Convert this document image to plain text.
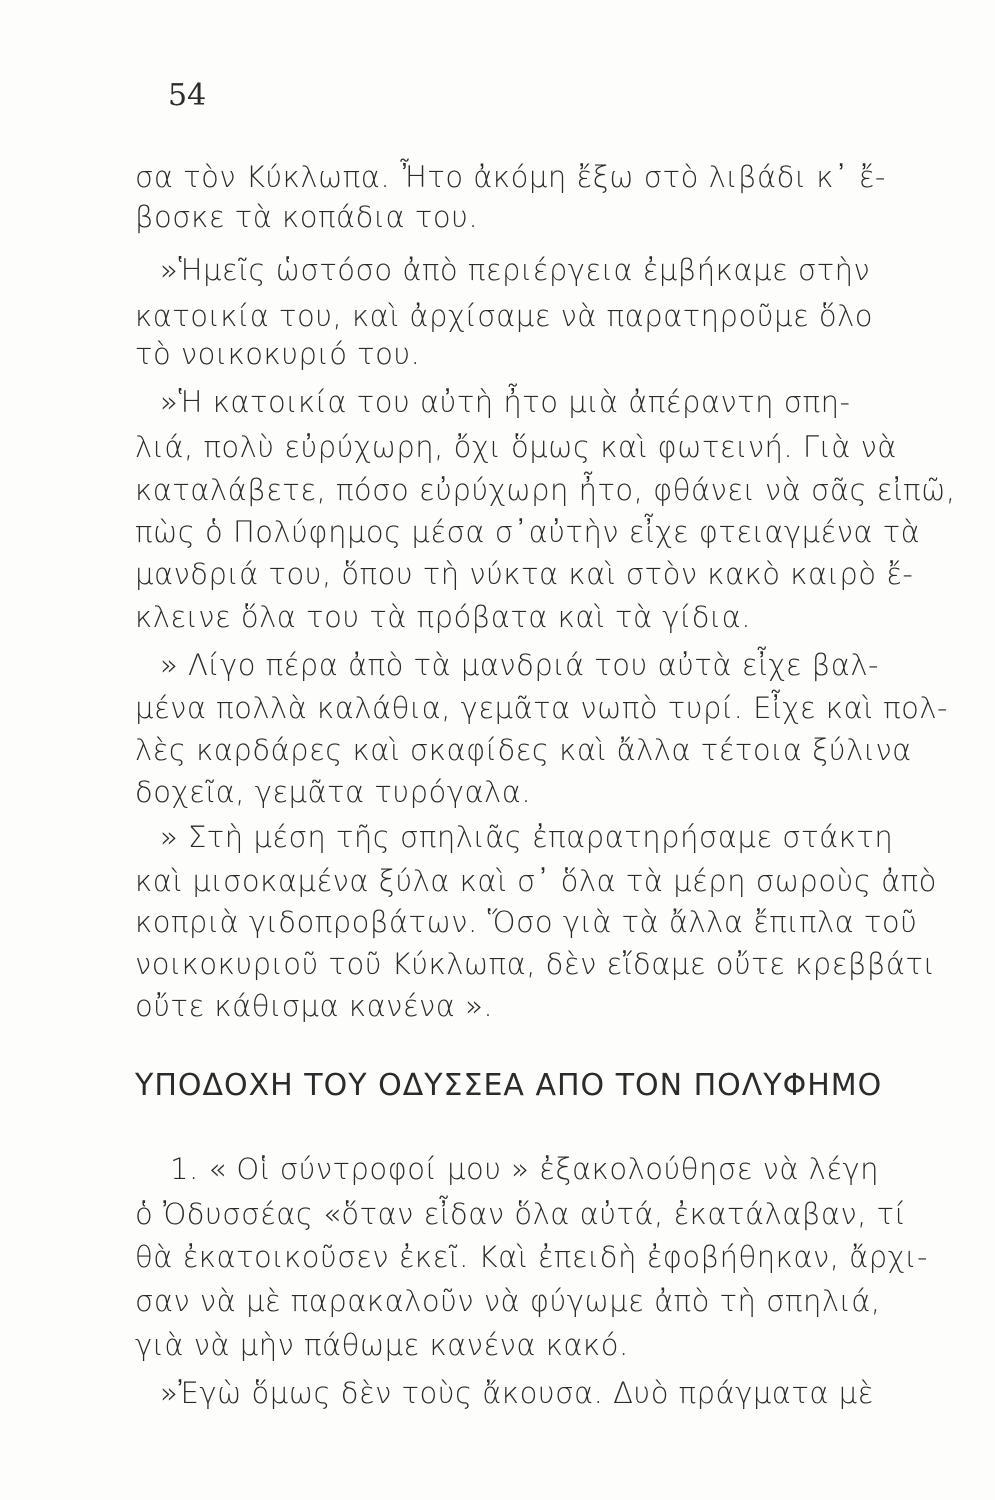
54
σα τὸν Κύκλωπα. Ἦτο ἀκόμη ἔξω στὸ λιβάδι κ᾽ ἔ-
βοσκε τὰ κοπάδια του.
»Ἡμεῖς ὡστόσο ἀπὸ περιέργεια ἐμβήκαμε στὴν
κατοικία του, καὶ ἀρχίσαμε νὰ παρατηροῦμε ὅλο
τὸ νοικοκυριό του.
»Ἡ κατοικία του αὐτὴ ἦτο μιὰ ἀπέραντη σπη-
λιά, πολὺ εὐρύχωρη, ὄχι ὅμως καὶ φωτεινή. Γιὰ νὰ
καταλάβετε, πόσο εὐρύχωρη ἦτο, φθάνει νὰ σᾶς εἰπῶ,
πὼς ὁ Πολύφημος μέσα σ᾽αὐτὴν εἶχε φτειαγμένα τὰ
μανδριά του, ὅπου τὴ νύκτα καὶ στὸν κακὸ καιρὸ ἔ-
κλεινε ὅλα του τὰ πρόβατα καὶ τὰ γίδια.
» Λίγο πέρα ἀπὸ τὰ μανδριά του αὐτὰ εἶχε βαλ-
μένα πολλὰ καλάθια, γεμᾶτα νωπὸ τυρί. Εἶχε καὶ πολ-
λὲς καρδάρες καὶ σκαφίδες καὶ ἄλλα τέτοια ξύλινα
δοχεῖα, γεμᾶτα τυρόγαλα.
» Στὴ μέση τῆς σπηλιᾶς ἐπαρατηρήσαμε στάκτη
καὶ μισοκαμένα ξύλα καὶ σ᾽ ὅλα τὰ μέρη σωροὺς ἀπὸ
κοπριὰ γιδοπροβάτων. Ὅσο γιὰ τὰ ἄλλα ἔπιπλα τοῦ
νοικοκυριοῦ τοῦ Κύκλωπα, δὲν εἴδαμε οὔτε κρεββάτι
οὔτε κάθισμα κανένα ».
ΥΠΟΔΟΧΗ ΤΟΥ ΟΔΥΣΣΕΑ ΑΠΟ ΤΟΝ ΠΟΛΥΦΗΜΟ
1. « Οἱ σύντροφοί μου » ἐξακολούθησε νὰ λέγη
ὁ Ὀδυσσέας «ὅταν εἶδαν ὅλα αὐτά, ἐκατάλαβαν, τί
θὰ ἐκατοικοῦσεν ἐκεῖ. Καὶ ἐπειδὴ ἐφοβήθηκαν, ἄρχι-
σαν νὰ μὲ παρακαλοῦν νὰ φύγωμε ἀπὸ τὴ σπηλιά,
γιὰ νὰ μὴν πάθωμε κανένα κακό.
»Ἐγὼ ὅμως δὲν τοὺς ἄκουσα. Δυὸ πράγματα μὲ
